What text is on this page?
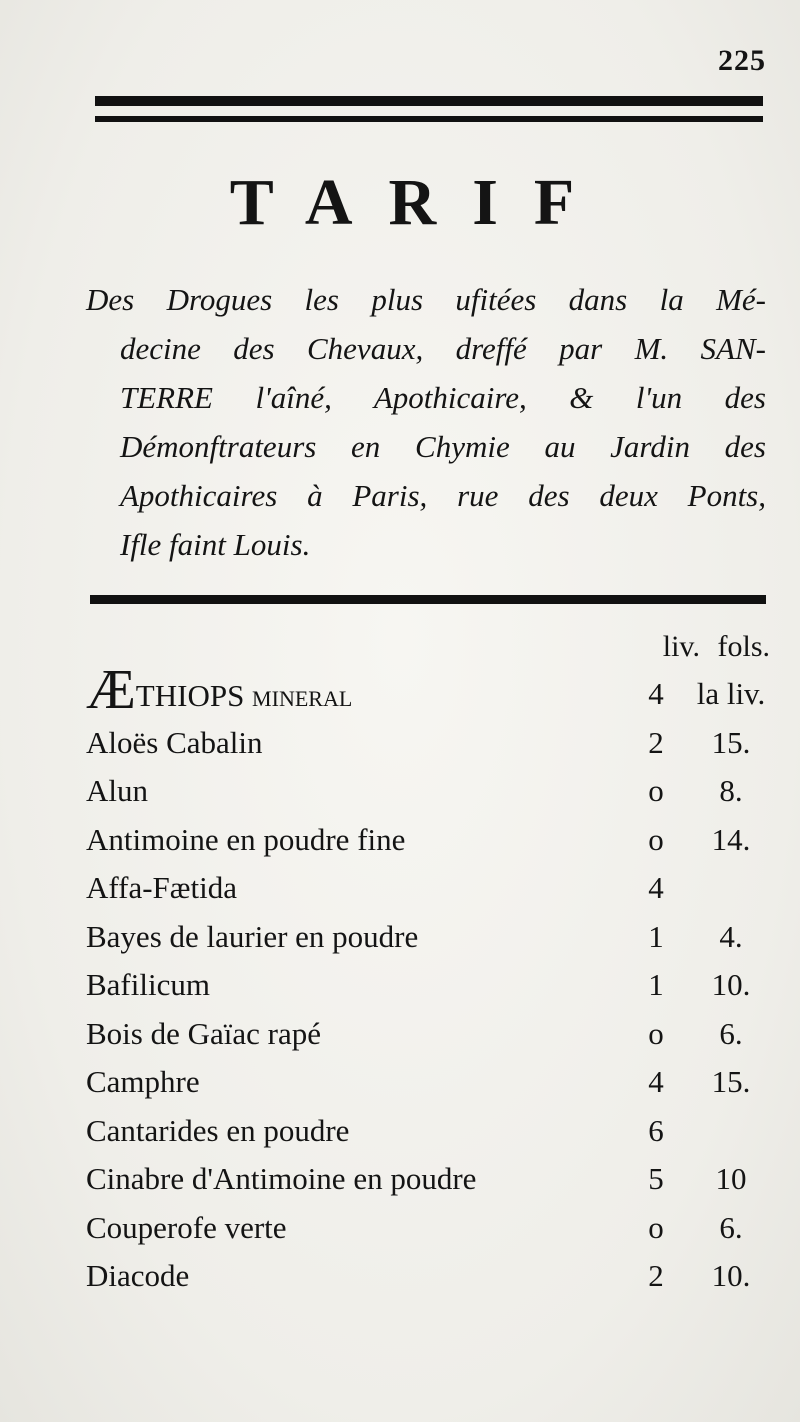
225
TARIF
Des Drogues les plus ufitées dans la Mé-
decine des Chevaux, dreffé par M. SAN-
TERRE l'aîné, Apothicaire, & l'un des
Démonftrateurs en Chymie au Jardin des
Apothicaires à Paris, rue des deux Ponts,
Ifle faint Louis.
liv. fols.
ÆTHIOPS mineral	4 la liv.
Aloës Cabalin	2	15.
Alun	o	8.
Antimoine en poudre fine	o	14.
Affa-Fætida	4
Bayes de laurier en poudre	1	4.
Bafilicum	1	10.
Bois de Gaïac rapé	o	6.
Camphre	4	15.
Cantarides en poudre	6
Cinabre d'Antimoine en poudre	5	10
Couperofe verte	o	6.
Diacode	2	10.
